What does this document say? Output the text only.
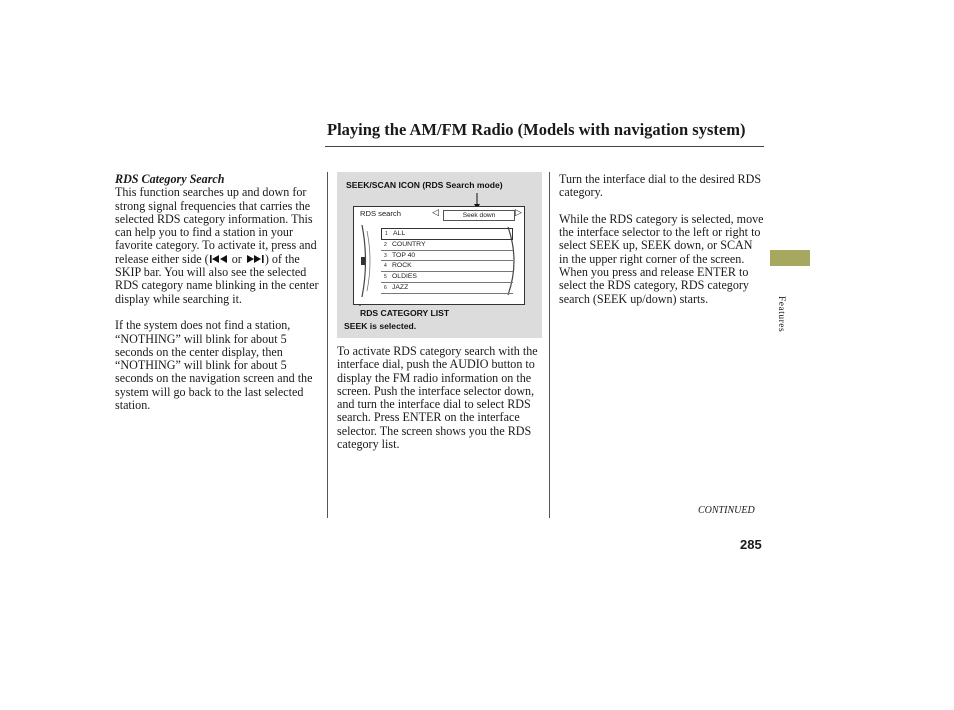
Playing the AM/FM Radio (Models with navigation system)
RDS Category Search

This function searches up and down for strong signal frequencies that carries the selected RDS category information. This can help you to find a station in your favorite category. To activate it, press and release either side ( or ) of the SKIP bar. You will also see the selected RDS category name blinking in the center display while searching it.

If the system does not find a station, “NOTHING” will blink for about 5 seconds on the center display, then “NOTHING” will blink for about 5 seconds on the navigation screen and the system will go back to the last selected station.

SEEK/SCAN ICON (RDS Search mode)
RDS search	◁	Seek down	▷
1 ALL
2 COUNTRY
3 TOP 40
4 ROCK
5 OLDIES
6 JAZZ
RDS CATEGORY LIST
SEEK is selected.

To activate RDS category search with the interface dial, push the AUDIO button to display the FM radio information on the screen. Push the interface selector down, and turn the interface dial to select RDS search. Press ENTER on the interface selector. The screen shows you the RDS category list.

Turn the interface dial to the desired RDS category.

While the RDS category is selected, move the interface selector to the left or right to select SEEK up, SEEK down, or SCAN in the upper right corner of the screen. When you press and release ENTER to select the RDS category, RDS category search (SEEK up/down) starts.	Features
CONTINUED
285
